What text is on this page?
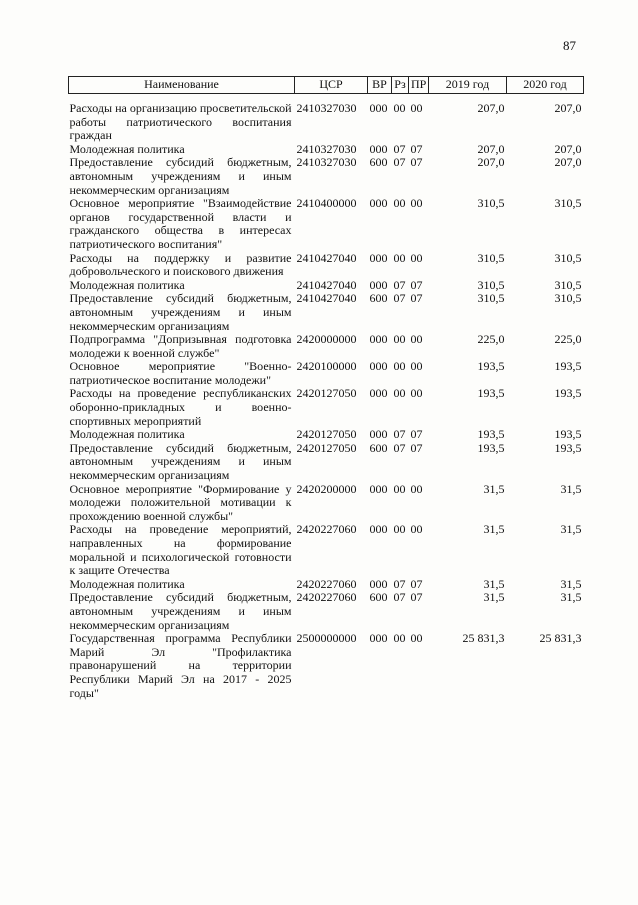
87
Наименование	ЦСР	ВР	Рз	ПР	2019 год	2020 год
Расходы на организацию просветительской работы патриотического воспитания граждан	2410327030	000	00	00	207,0	207,0
Молодежная политика	2410327030	000	07	07	207,0	207,0
Предоставление субсидий бюджетным, автономным учреждениям и иным некоммерческим организациям	2410327030	600	07	07	207,0	207,0
Основное мероприятие "Взаимодействие органов государственной власти и гражданского общества в интересах патриотического воспитания"	2410400000	000	00	00	310,5	310,5
Расходы на поддержку и развитие добровольческого и поискового движения	2410427040	000	00	00	310,5	310,5
Молодежная политика	2410427040	000	07	07	310,5	310,5
Предоставление субсидий бюджетным, автономным учреждениям и иным некоммерческим организациям	2410427040	600	07	07	310,5	310,5
Подпрограмма "Допризывная подготовка молодежи к военной службе"	2420000000	000	00	00	225,0	225,0
Основное мероприятие "Военно-патриотическое воспитание молодежи"	2420100000	000	00	00	193,5	193,5
Расходы на проведение республиканских оборонно-прикладных и военно-спортивных мероприятий	2420127050	000	00	00	193,5	193,5
Молодежная политика	2420127050	000	07	07	193,5	193,5
Предоставление субсидий бюджетным, автономным учреждениям и иным некоммерческим организациям	2420127050	600	07	07	193,5	193,5
Основное мероприятие "Формирование у молодежи положительной мотивации к прохождению военной службы"	2420200000	000	00	00	31,5	31,5
Расходы на проведение мероприятий, направленных на формирование моральной и психологической готовности к защите Отечества	2420227060	000	00	00	31,5	31,5
Молодежная политика	2420227060	000	07	07	31,5	31,5
Предоставление субсидий бюджетным, автономным учреждениям и иным некоммерческим организациям	2420227060	600	07	07	31,5	31,5
Государственная программа Республики Марий Эл "Профилактика правонарушений на территории Республики Марий Эл на 2017 - 2025 годы"	2500000000	000	00	00	25 831,3	25 831,3
